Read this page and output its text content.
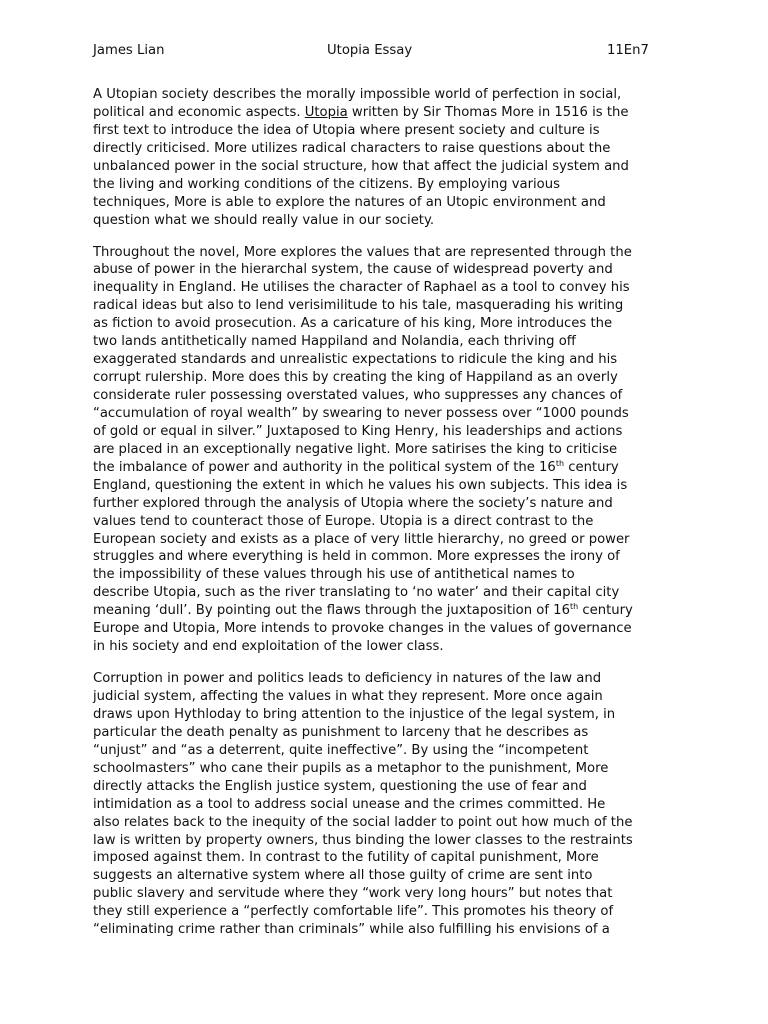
James Lian	Utopia Essay	11En7
A Utopian society describes the morally impossible world of perfection in social,
political and economic aspects. Utopia written by Sir Thomas More in 1516 is the
first text to introduce the idea of Utopia where present society and culture is
directly criticised. More utilizes radical characters to raise questions about the
unbalanced power in the social structure, how that affect the judicial system and
the living and working conditions of the citizens. By employing various
techniques, More is able to explore the natures of an Utopic environment and
question what we should really value in our society.
Throughout the novel, More explores the values that are represented through the
abuse of power in the hierarchal system, the cause of widespread poverty and
inequality in England. He utilises the character of Raphael as a tool to convey his
radical ideas but also to lend verisimilitude to his tale, masquerading his writing
as fiction to avoid prosecution. As a caricature of his king, More introduces the
two lands antithetically named Happiland and Nolandia, each thriving off
exaggerated standards and unrealistic expectations to ridicule the king and his
corrupt rulership. More does this by creating the king of Happiland as an overly
considerate ruler possessing overstated values, who suppresses any chances of
“accumulation of royal wealth” by swearing to never possess over “1000 pounds
of gold or equal in silver.” Juxtaposed to King Henry, his leaderships and actions
are placed in an exceptionally negative light. More satirises the king to criticise
the imbalance of power and authority in the political system of the 16th century
England, questioning the extent in which he values his own subjects. This idea is
further explored through the analysis of Utopia where the society’s nature and
values tend to counteract those of Europe. Utopia is a direct contrast to the
European society and exists as a place of very little hierarchy, no greed or power
struggles and where everything is held in common. More expresses the irony of
the impossibility of these values through his use of antithetical names to
describe Utopia, such as the river translating to ‘no water’ and their capital city
meaning ‘dull’. By pointing out the flaws through the juxtaposition of 16th century
Europe and Utopia, More intends to provoke changes in the values of governance
in his society and end exploitation of the lower class.
Corruption in power and politics leads to deficiency in natures of the law and
judicial system, affecting the values in what they represent. More once again
draws upon Hythloday to bring attention to the injustice of the legal system, in
particular the death penalty as punishment to larceny that he describes as
“unjust” and “as a deterrent, quite ineffective”. By using the “incompetent
schoolmasters” who cane their pupils as a metaphor to the punishment, More
directly attacks the English justice system, questioning the use of fear and
intimidation as a tool to address social unease and the crimes committed. He
also relates back to the inequity of the social ladder to point out how much of the
law is written by property owners, thus binding the lower classes to the restraints
imposed against them. In contrast to the futility of capital punishment, More
suggests an alternative system where all those guilty of crime are sent into
public slavery and servitude where they “work very long hours” but notes that
they still experience a “perfectly comfortable life”. This promotes his theory of
“eliminating crime rather than criminals” while also fulfilling his envisions of a
